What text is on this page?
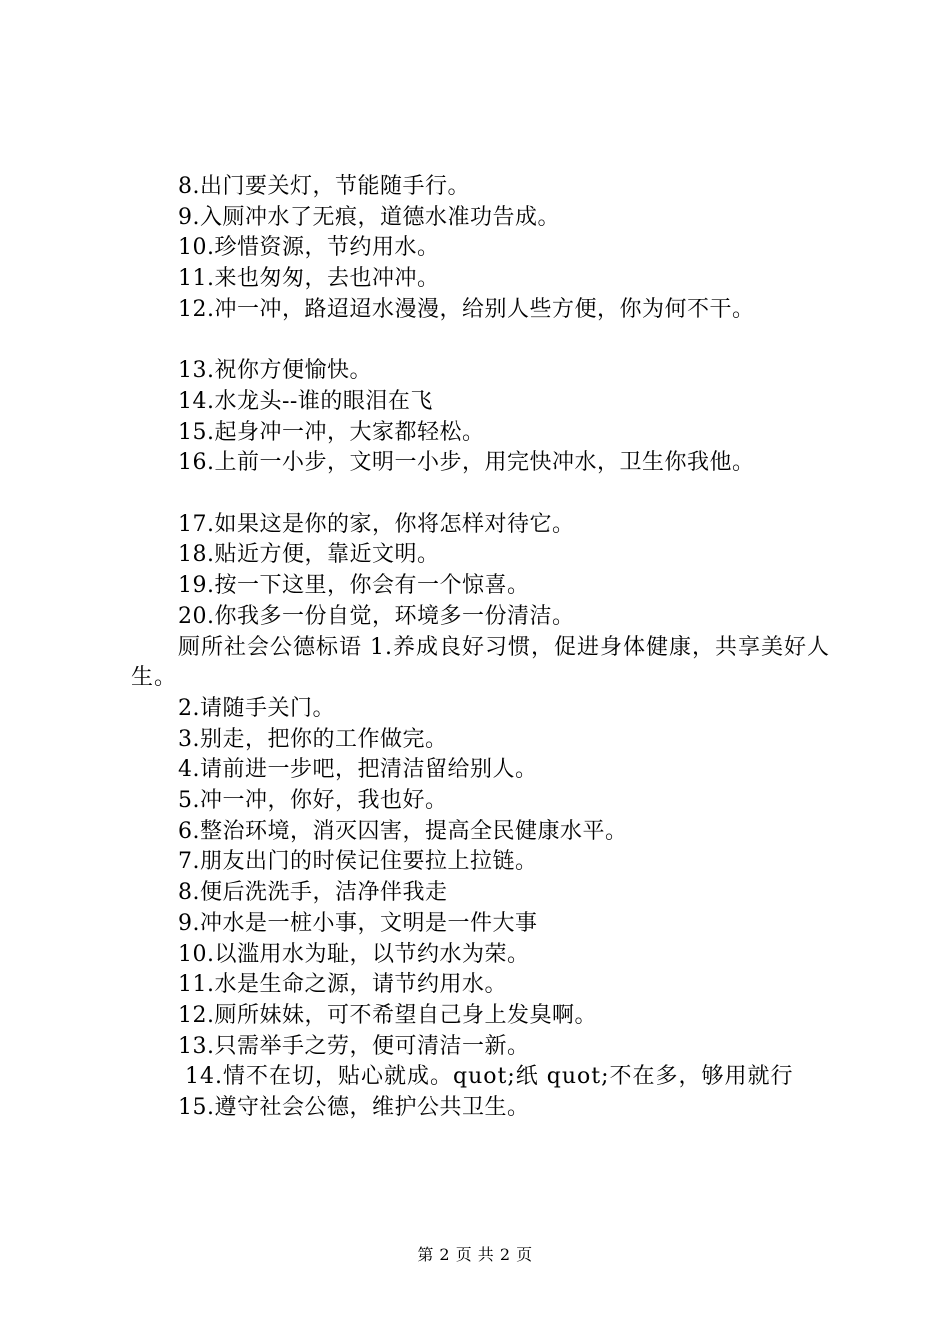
8.出门要关灯，节能随手行。

9.入厕冲水了无痕，道德水准功告成。

10.珍惜资源，节约用水。

11.来也匆匆，去也冲冲。

12.冲一冲，路迢迢水漫漫，给别人些方便，你为何不干。

13.祝你方便愉快。

14.水龙头--谁的眼泪在飞

15.起身冲一冲，大家都轻松。

16.上前一小步，文明一小步，用完快冲水，卫生你我他。

17.如果这是你的家，你将怎样对待它。

18.贴近方便，靠近文明。

19.按一下这里，你会有一个惊喜。

20.你我多一份自觉，环境多一份清洁。

厕所社会公德标语 1.养成良好习惯，促进身体健康，共享美好人生。

2.请随手关门。

3.别走，把你的工作做完。

4.请前进一步吧，把清洁留给别人。

5.冲一冲，你好，我也好。

6.整治环境，消灭囚害，提高全民健康水平。

7.朋友出门的时侯记住要拉上拉链。

8.便后洗洗手，洁净伴我走

9.冲水是一桩小事，文明是一件大事

10.以滥用水为耻，以节约水为荣。

11.水是生命之源，请节约用水。

12.厕所妹妹，可不希望自己身上发臭啊。

13.只需举手之劳，便可清洁一新。

14.情不在切，贴心就成。quot;纸 quot;不在多，够用就行

15.遵守社会公德，维护公共卫生。

第 2 页 共 2 页
